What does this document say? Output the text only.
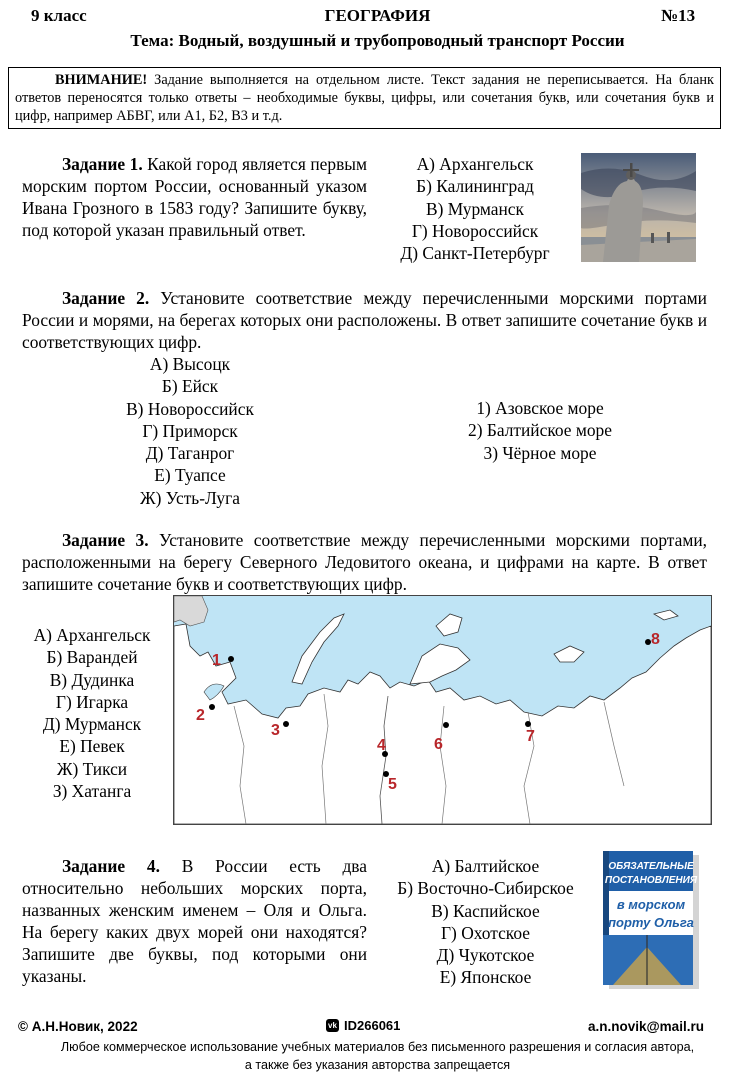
9 класс	ГЕОГРАФИЯ	№13
Тема: Водный, воздушный и трубопроводный транспорт России
ВНИМАНИЕ! Задание выполняется на отдельном листе. Текст задания не переписывается. На бланк ответов переносятся только ответы – необходимые буквы, цифры, или сочетания букв, или сочетания букв и цифр, например АБВГ, или А1, Б2, В3 и т.д.
Задание 1. Какой город является первым морским портом России, основанный указом Ивана Грозного в 1583 году? Запишите букву, под которой указан правильный ответ.
А) Архангельск
Б) Калининград
В) Мурманск
Г) Новороссийск
Д) Санкт-Петербург
Задание 2. Установите соответствие между перечисленными морскими портами России и морями, на берегах которых они расположены. В ответ запишите сочетание букв и соответствующих цифр.
А) Высоцк
Б) Ейск
В) Новороссийск
Г) Приморск
Д) Таганрог
Е) Туапсе
Ж) Усть-Луга
1) Азовское море
2) Балтийское море
3) Чёрное море
Задание 3. Установите соответствие между перечисленными морскими портами, расположенными на берегу Северного Ледовитого океана, и цифрами на карте. В ответ запишите сочетание букв и соответствующих цифр.
А) Архангельск
Б) Варандей
В) Дудинка
Г) Игарка
Д) Мурманск
Е) Певек
Ж) Тикси
З) Хатанга
1
2
3
4
5
6	7
8
Задание 4. В России есть два относительно небольших морских порта, названных женским именем – Оля и Ольга. На берегу каких двух морей они находятся? Запишите две буквы, под которыми они указаны.
А) Балтийское
Б) Восточно-Сибирское
В) Каспийское
Г) Охотское
Д) Чукотское
Е) Японское
ОБЯЗАТЕЛЬНЫЕ
ПОСТАНОВЛЕНИЯ
в морском
порту Ольга
© А.Н.Новик, 2022	vk ID266061	a.n.novik@mail.ru
Любое коммерческое использование учебных материалов без письменного разрешения и согласия автора,
а также без указания авторства запрещается
